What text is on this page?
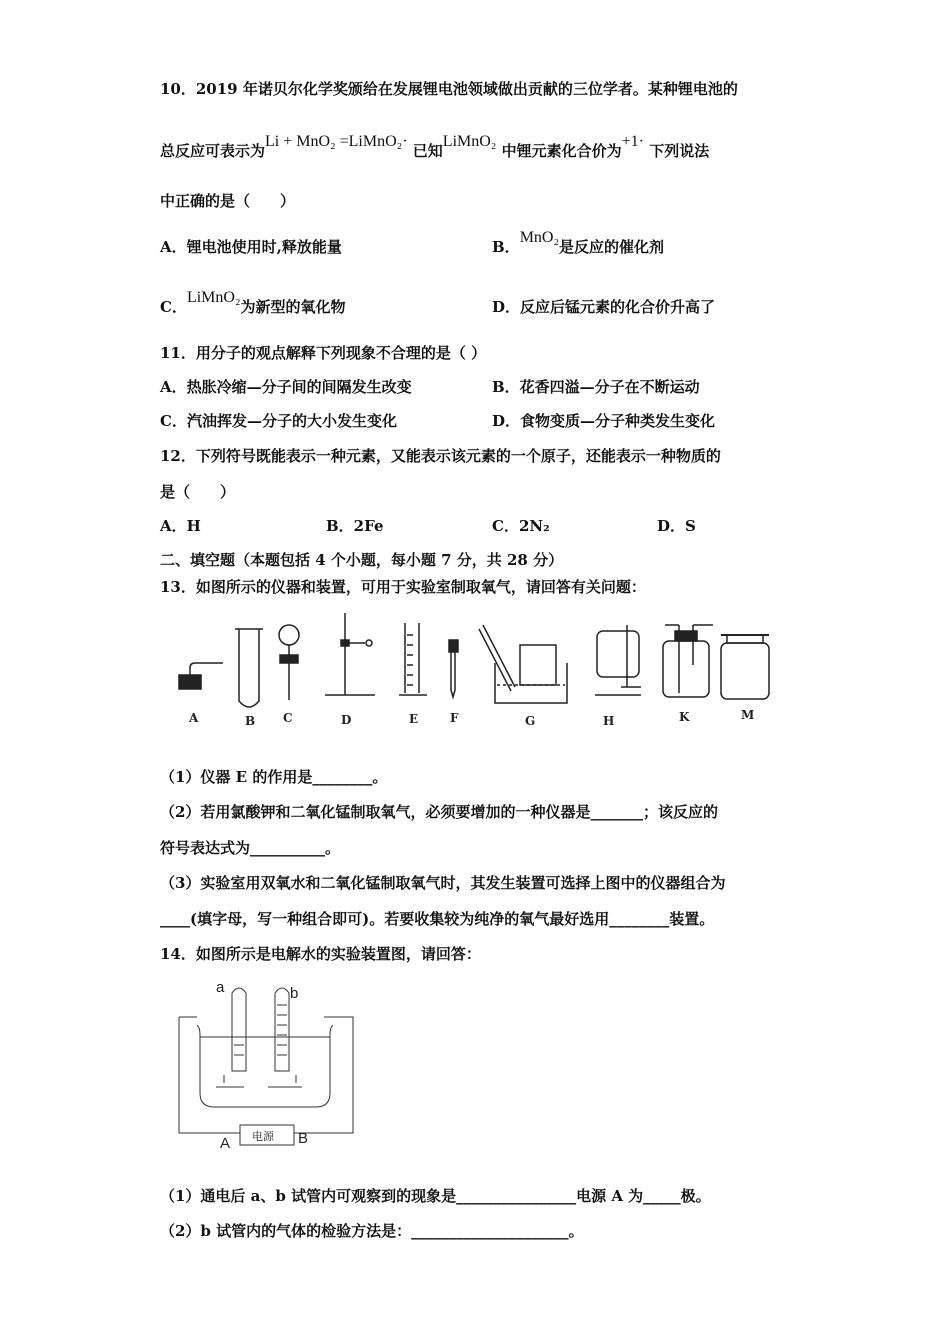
10．2019 年诺贝尔化学奖颁给在发展锂电池领域做出贡献的三位学者。某种锂电池的
总反应可表示为Li + MnO₂ =LiMnO₂· 已知LiMnO₂ 中锂元素化合价为+1· 下列说法
中正确的是（　　）
A．锂电池使用时,释放能量	B．MnO₂是反应的催化剂
C．LiMnO₂为新型的氧化物	D．反应后锰元素的化合价升高了
11．用分子的观点解释下列现象不合理的是（ ）
A．热胀冷缩—分子间的间隔发生改变	B．花香四溢—分子在不断运动
C．汽油挥发—分子的大小发生变化	D．食物变质—分子种类发生变化
12．下列符号既能表示一种元素，又能表示该元素的一个原子，还能表示一种物质的
是（　　）
A．H	B．2Fe	C．2N₂	D．S
二、填空题（本题包括 4 个小题，每小题 7 分，共 28 分）
13．如图所示的仪器和装置，可用于实验室制取氧气，请回答有关问题：
A	B C	D	E	F	G	H	K	M
（1）仪器 E 的作用是________。
（2）若用氯酸钾和二氧化锰制取氧气，必须要增加的一种仪器是_______；该反应的
符号表达式为__________。
（3）实验室用双氧水和二氧化锰制取氧气时，其发生装置可选择上图中的仪器组合为
____(填字母，写一种组合即可)。若要收集较为纯净的氧气最好选用________装置。
14．如图所示是电解水的实验装置图，请回答：
a	b
A	B
电源
（1）通电后 a、b 试管内可观察到的现象是________________电源 A 为_____极。
（2）b 试管内的气体的检验方法是：_____________________。
